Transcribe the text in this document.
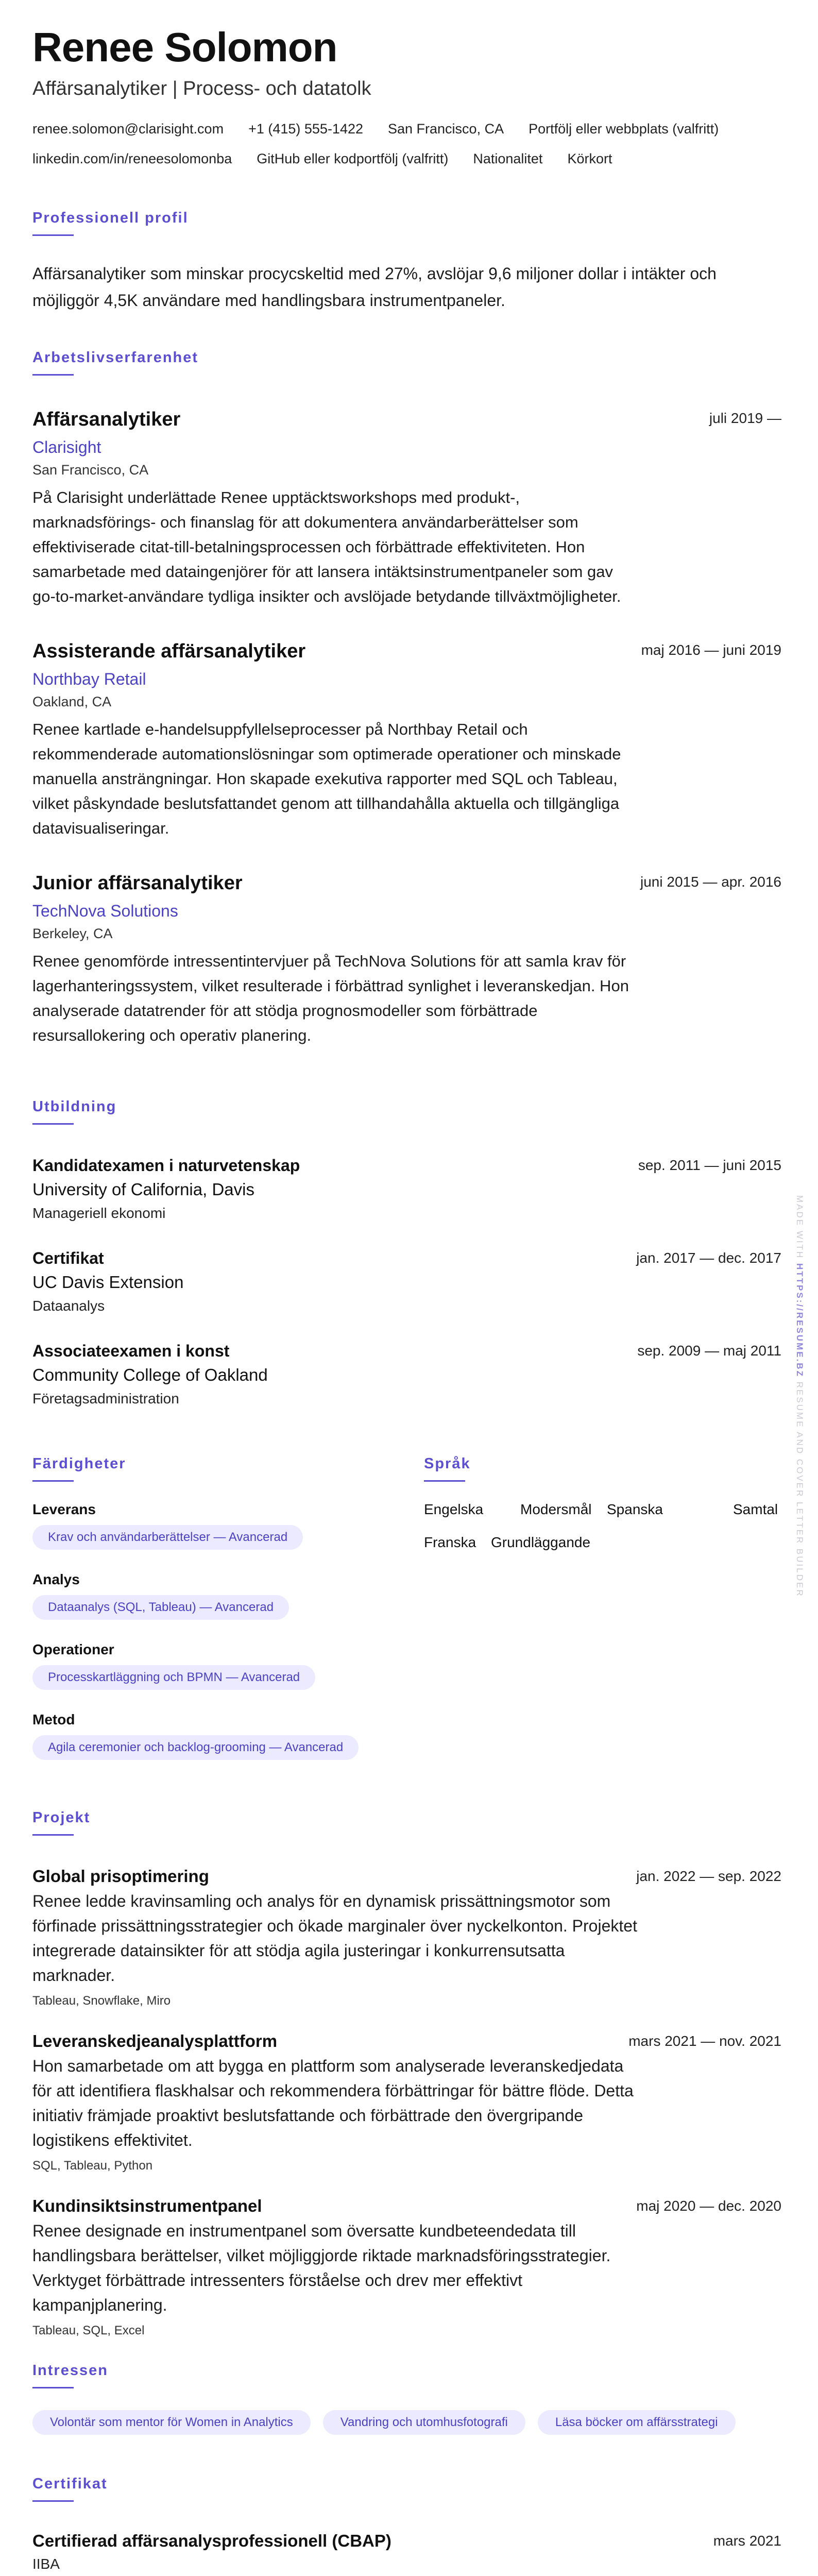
Renee Solomon
Affärsanalytiker | Process- och datatolk
renee.solomon@clarisight.com +1 (415) 555-1422 San Francisco, CA Portfölj eller webbplats (valfritt)
linkedin.com/in/reneesolomonba GitHub eller kodportfölj (valfritt) Nationalitet Körkort
Professionell profil
Affärsanalytiker som minskar procycskeltid med 27%, avslöjar 9,6 miljoner dollar i intäkter och möjliggör 4,5K användare med handlingsbara instrumentpaneler.
Arbetslivserfarenhet
Affärsanalytiker
Clarisight
San Francisco, CA
På Clarisight underlättade Renee upptäcktsworkshops med produkt-, marknadsförings- och finanslag för att dokumentera användarberättelser som effektiviserade citat-till-betalningsprocessen och förbättrade effektiviteten. Hon samarbetade med dataingenjörer för att lansera intäktsinstrumentpaneler som gav go-to-market-användare tydliga insikter och avslöjade betydande tillväxtmöjligheter.
juli 2019 —
Assisterande affärsanalytiker
Northbay Retail
Oakland, CA
Renee kartlade e-handelsuppfyllelseprocesser på Northbay Retail och rekommenderade automationslösningar som optimerade operationer och minskade manuella ansträngningar. Hon skapade exekutiva rapporter med SQL och Tableau, vilket påskyndade beslutsfattandet genom att tillhandahålla aktuella och tillgängliga datavisualiseringar.
maj 2016 — juni 2019
Junior affärsanalytiker
TechNova Solutions
Berkeley, CA
Renee genomförde intressentintervjuer på TechNova Solutions för att samla krav för lagerhanteringssystem, vilket resulterade i förbättrad synlighet i leveranskedjan. Hon analyserade datatrender för att stödja prognosmodeller som förbättrade resursallokering och operativ planering.
juni 2015 — apr. 2016
Utbildning
Kandidatexamen i naturvetenskap
University of California, Davis
Manageriell ekonomi
sep. 2011 — juni 2015
Certifikat
UC Davis Extension
Dataanalys
jan. 2017 — dec. 2017
Associateexamen i konst
Community College of Oakland
Företagsadministration
sep. 2009 — maj 2011
Färdigheter
Leverans
Krav och användarberättelser — Avancerad
Analys
Dataanalys (SQL, Tableau) — Avancerad
Operationer
Processkartläggning och BPMN — Avancerad
Metod
Agila ceremonier och backlog-grooming — Avancerad
Språk
Engelska	Modersmål Spanska	Samtal
Franska Grundläggande
Projekt
Global prisoptimering
Renee ledde kravinsamling och analys för en dynamisk prissättningsmotor som förfinade prissättningsstrategier och ökade marginaler över nyckelkonton. Projektet integrerade datainsikter för att stödja agila justeringar i konkurrensutsatta marknader.
Tableau, Snowflake, Miro
jan. 2022 — sep. 2022
Leveranskedjeanalysplattform
Hon samarbetade om att bygga en plattform som analyserade leveranskedjedata för att identifiera flaskhalsar och rekommendera förbättringar för bättre flöde. Detta initiativ främjade proaktivt beslutsfattande och förbättrade den övergripande logistikens effektivitet.
SQL, Tableau, Python
mars 2021 — nov. 2021
Kundinsiktsinstrumentpanel
Renee designade en instrumentpanel som översatte kundbeteendedata till handlingsbara berättelser, vilket möjliggjorde riktade marknadsföringsstrategier. Verktyget förbättrade intressenters förståelse och drev mer effektivt kampanjplanering.
Tableau, SQL, Excel
maj 2020 — dec. 2020
Intressen
Volontär som mentor för Women in Analytics	Vandring och utomhusfotografi	Läsa böcker om affärsstrategi
Certifikat
Certifierad affärsanalysprofessionell (CBAP)
IIBA
mars 2021
MADE WITH HTTPS://RESUME.BZ RESUME AND COVER LETTER BUILDER
